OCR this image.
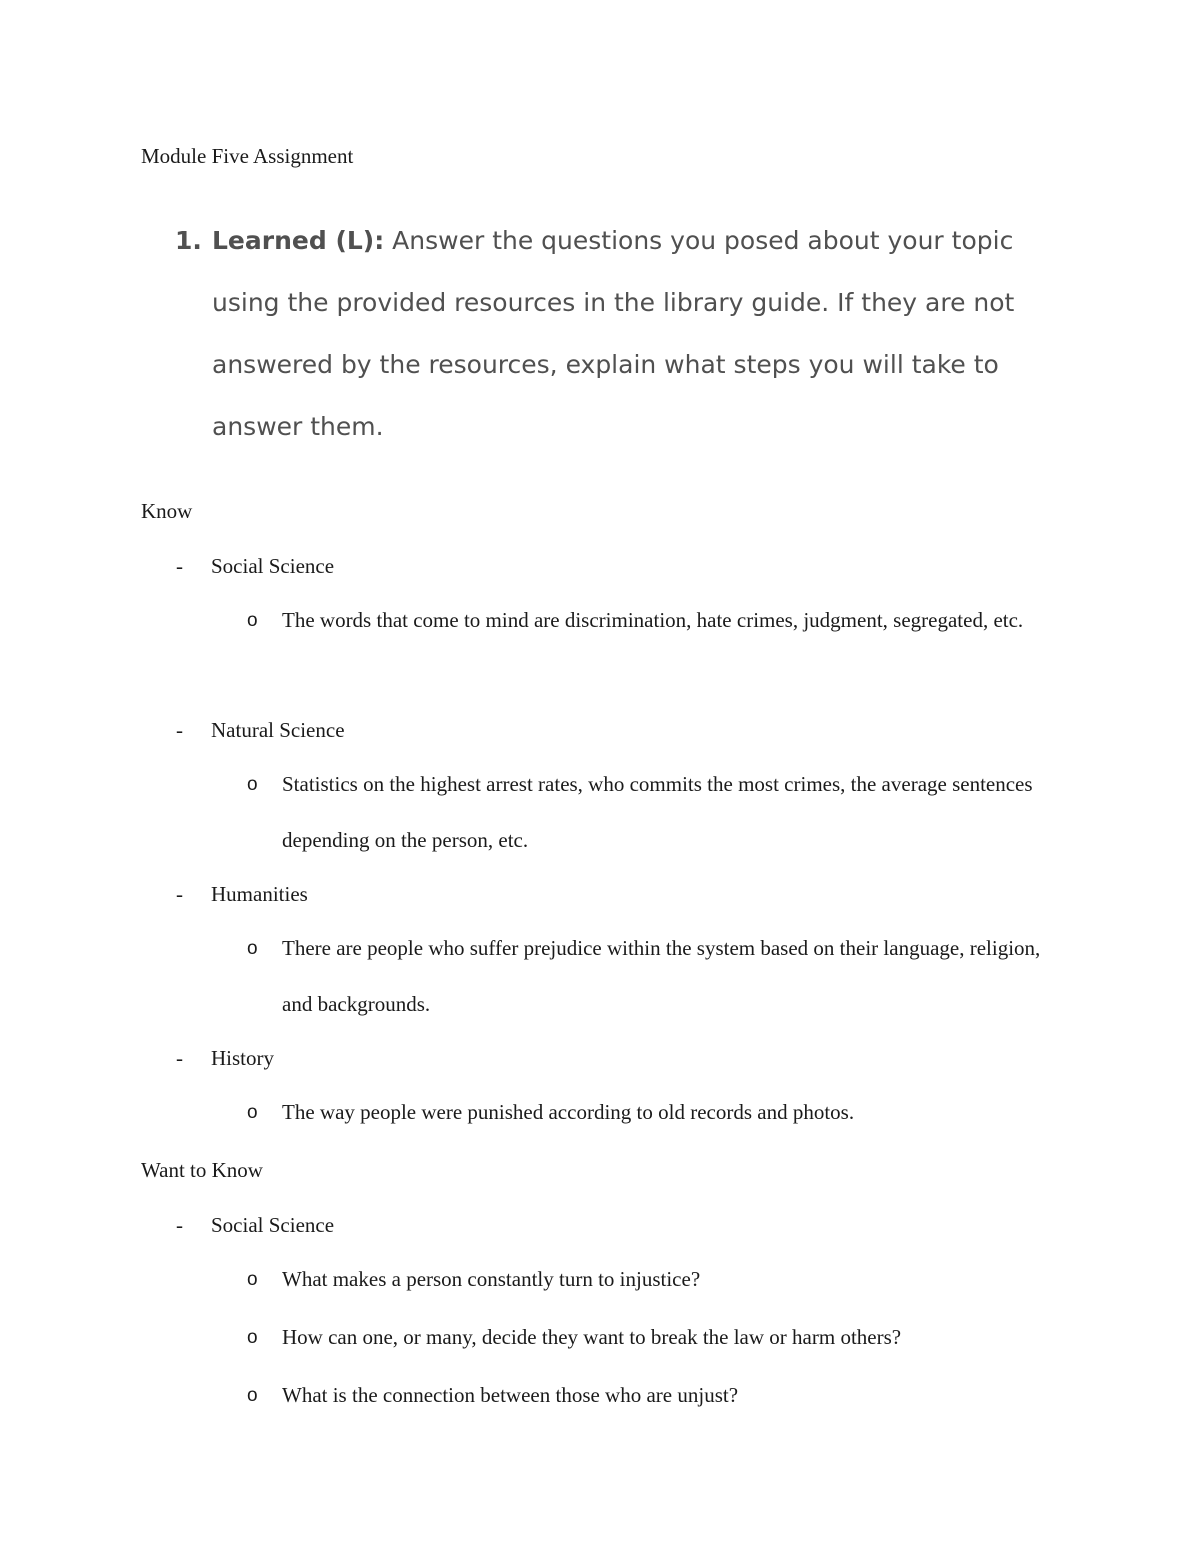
Module Five Assignment
1. Learned (L): Answer the questions you posed about your topic using the provided resources in the library guide. If they are not answered by the resources, explain what steps you will take to answer them.
Know
- Social Science
o The words that come to mind are discrimination, hate crimes, judgment, segregated, etc.
- Natural Science
o Statistics on the highest arrest rates, who commits the most crimes, the average sentences depending on the person, etc.
- Humanities
o There are people who suffer prejudice within the system based on their language, religion, and backgrounds.
- History
o The way people were punished according to old records and photos.
Want to Know
- Social Science
o What makes a person constantly turn to injustice?
o How can one, or many, decide they want to break the law or harm others?
o What is the connection between those who are unjust?
